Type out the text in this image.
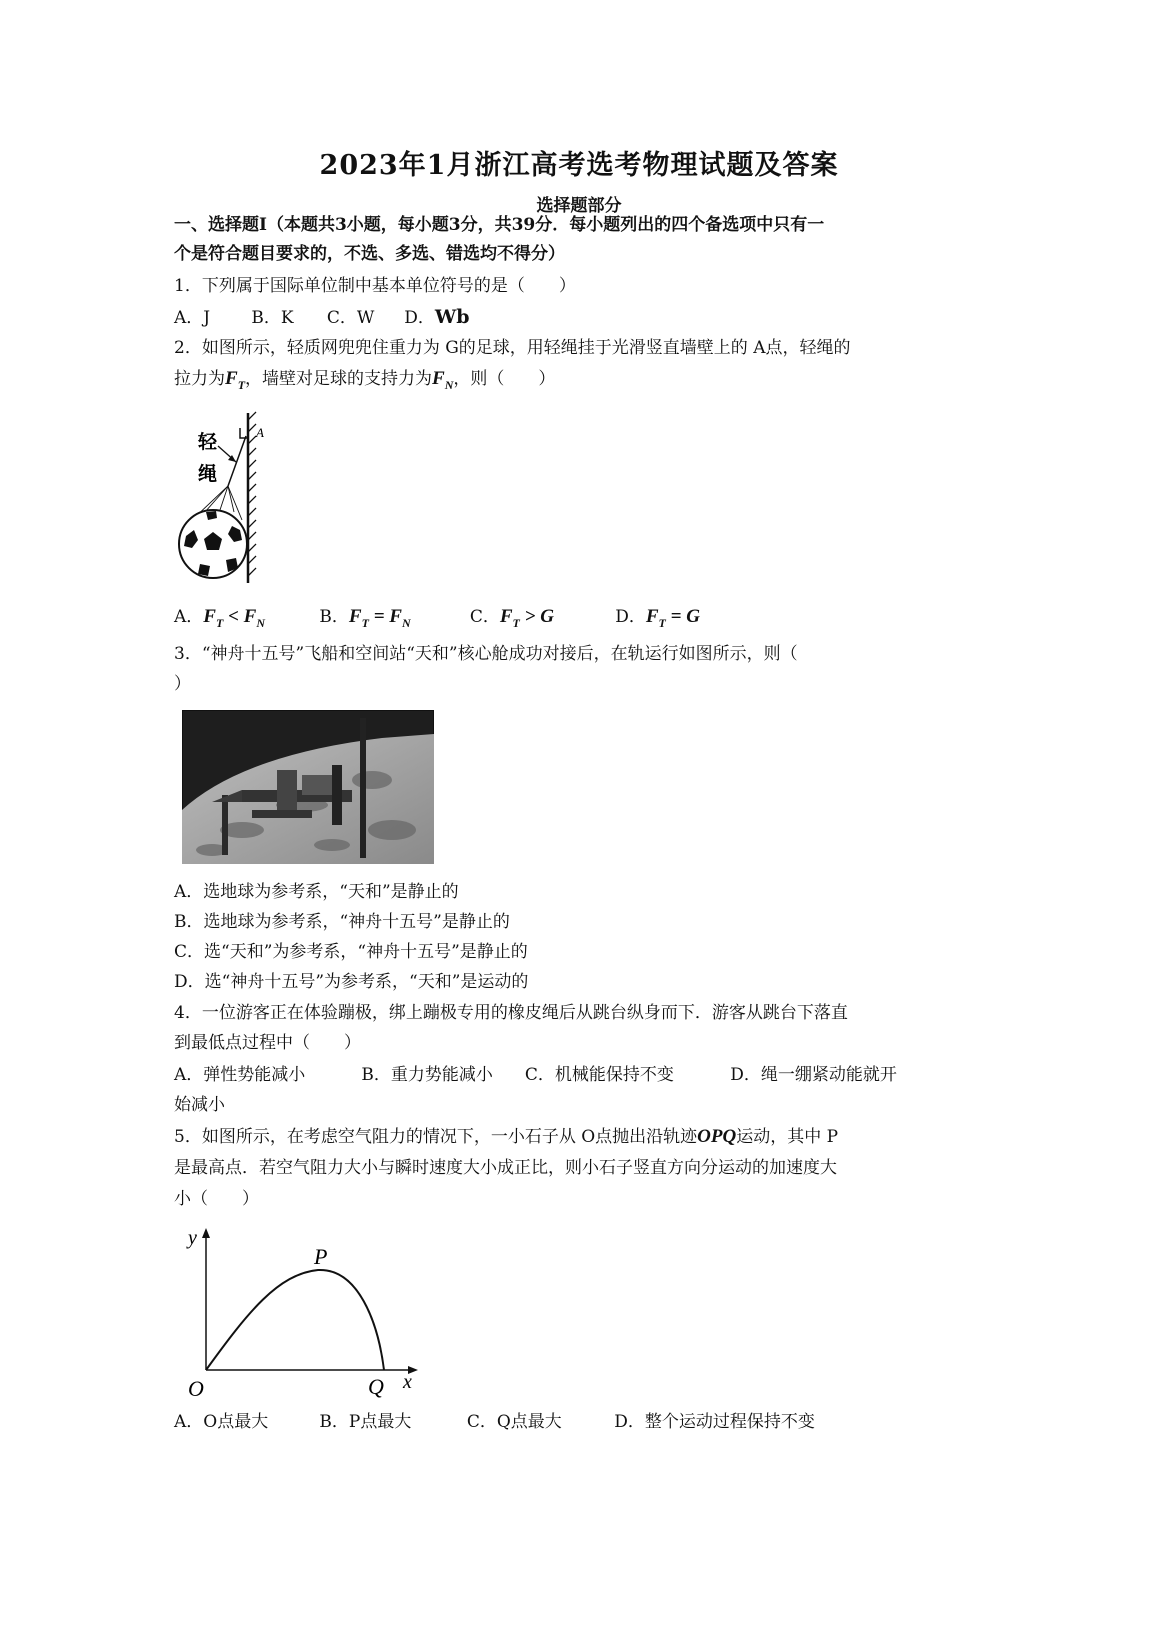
2023年1月浙江高考选考物理试题及答案
选择题部分
一、选择题Ⅰ（本题共3小题，每小题3分，共39分．每小题列出的四个备选项中只有一
个是符合题目要求的，不选、多选、错选均不得分）
1．下列属于国际单位制中基本单位符号的是（　　）
A．J B．K C．W D．Wb
2．如图所示，轻质网兜兜住重力为 G的足球，用轻绳挂于光滑竖直墙壁上的 A点，轻绳的
拉力为$F_T$，墙壁对足球的支持力为$F_N$，则（　　）
A
轻
绳
A．$F_T < F_N$	B．$F_T = F_N$	C．$F_T > G$	D．$F_T = G$
3．“神舟十五号”飞船和空间站“天和”核心舱成功对接后，在轨运行如图所示，则（
）
A．选地球为参考系，“天和”是静止的
B．选地球为参考系，“神舟十五号”是静止的
C．选“天和”为参考系，“神舟十五号”是静止的
D．选“神舟十五号”为参考系，“天和”是运动的
4．一位游客正在体验蹦极，绑上蹦极专用的橡皮绳后从跳台纵身而下．游客从跳台下落直
到最低点过程中（　　）
A．弹性势能减小	B．重力势能减小 C．机械能保持不变	D．绳一绷紧动能就开
始减小
5．如图所示，在考虑空气阻力的情况下，一小石子从 O点抛出沿轨迹OPQ运动，其中 P
是最高点．若空气阻力大小与瞬时速度大小成正比，则小石子竖直方向分运动的加速度大
小（　　）
y
x
O
P
Q
A．O点最大	B．P点最大	C．Q点最大	D．整个运动过程保持不变
